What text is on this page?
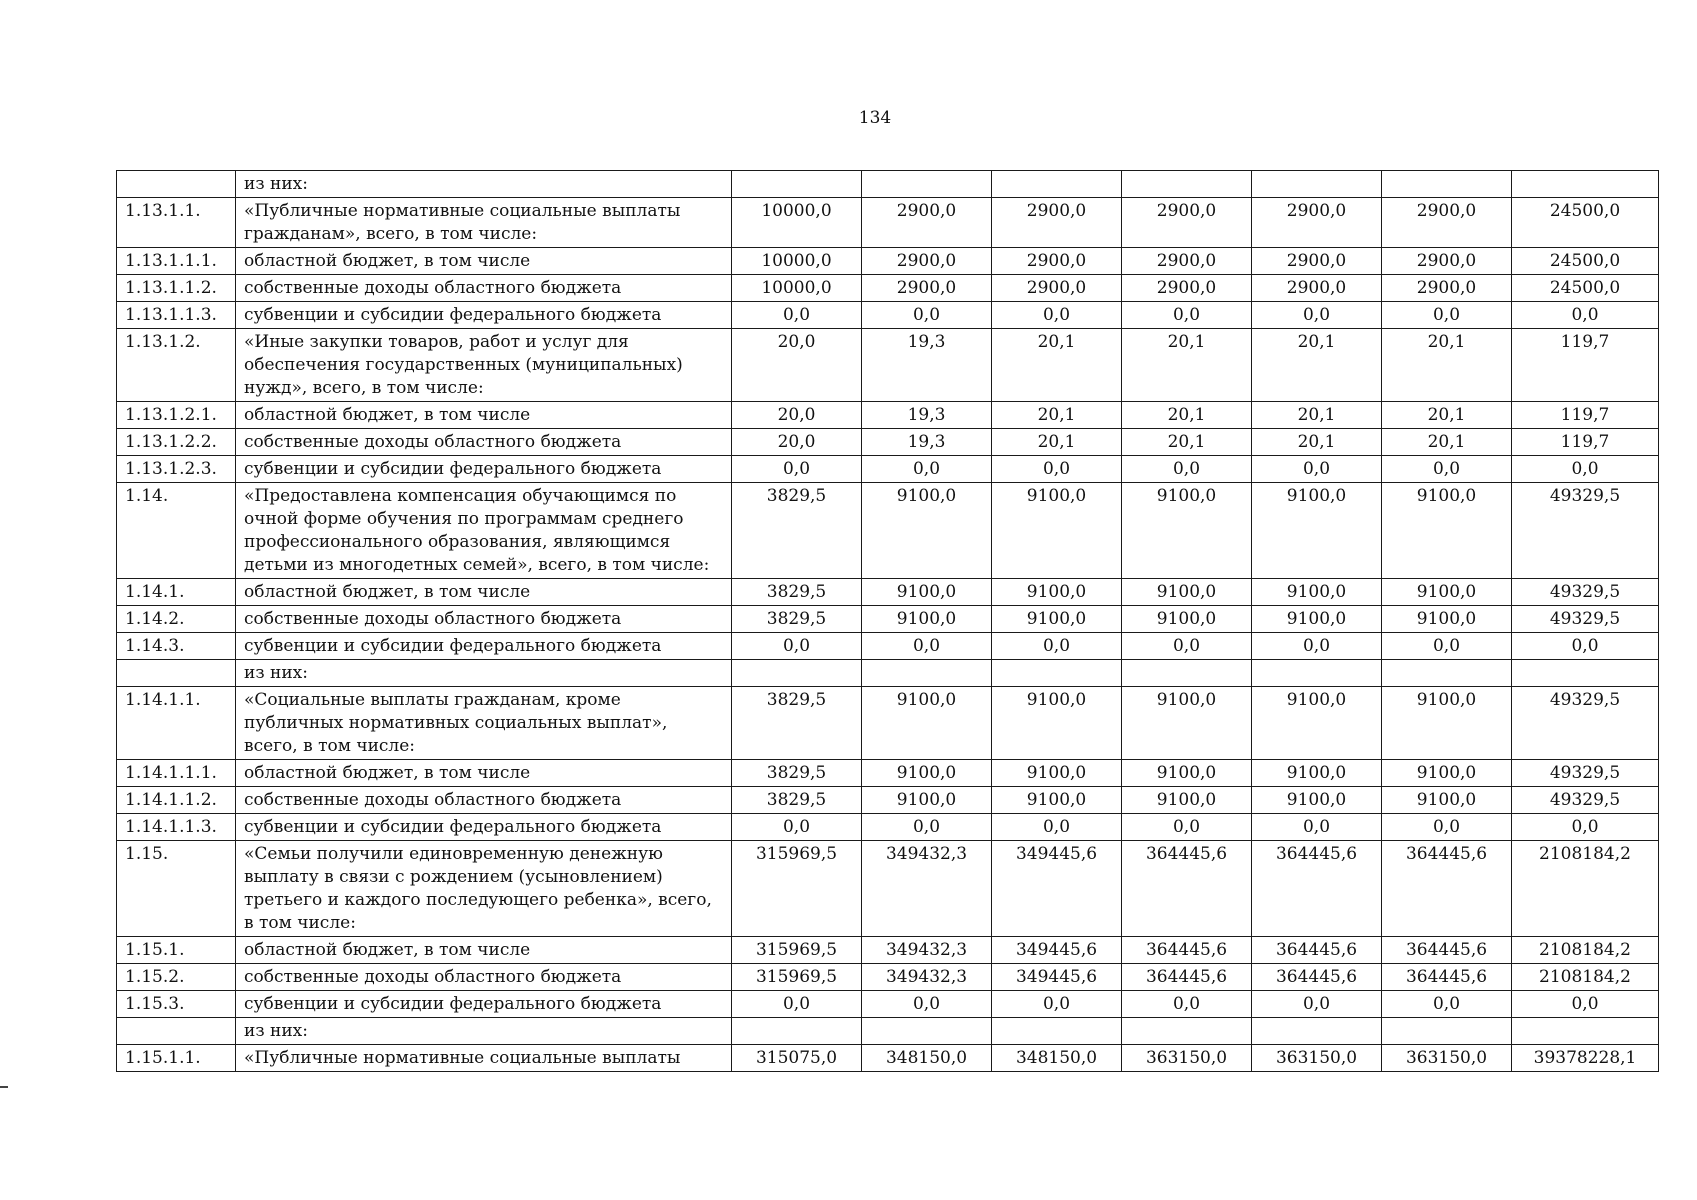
134
	из них:							
1.13.1.1.	«Публичные нормативные социальные выплаты гражданам», всего, в том числе:	10000,0	2900,0	2900,0	2900,0	2900,0	2900,0	24500,0
1.13.1.1.1.	областной бюджет, в том числе	10000,0	2900,0	2900,0	2900,0	2900,0	2900,0	24500,0
1.13.1.1.2.	собственные доходы областного бюджета	10000,0	2900,0	2900,0	2900,0	2900,0	2900,0	24500,0
1.13.1.1.3.	субвенции и субсидии федерального бюджета	0,0	0,0	0,0	0,0	0,0	0,0	0,0
1.13.1.2.	«Иные закупки товаров, работ и услуг для обеспечения государственных (муниципальных) нужд», всего, в том числе:	20,0	19,3	20,1	20,1	20,1	20,1	119,7
1.13.1.2.1.	областной бюджет, в том числе	20,0	19,3	20,1	20,1	20,1	20,1	119,7
1.13.1.2.2.	собственные доходы областного бюджета	20,0	19,3	20,1	20,1	20,1	20,1	119,7
1.13.1.2.3.	субвенции и субсидии федерального бюджета	0,0	0,0	0,0	0,0	0,0	0,0	0,0
1.14.	«Предоставлена компенсация обучающимся по очной форме обучения по программам среднего профессионального образования, являющимся детьми из многодетных семей», всего, в том числе:	3829,5	9100,0	9100,0	9100,0	9100,0	9100,0	49329,5
1.14.1.	областной бюджет, в том числе	3829,5	9100,0	9100,0	9100,0	9100,0	9100,0	49329,5
1.14.2.	собственные доходы областного бюджета	3829,5	9100,0	9100,0	9100,0	9100,0	9100,0	49329,5
1.14.3.	субвенции и субсидии федерального бюджета	0,0	0,0	0,0	0,0	0,0	0,0	0,0
	из них:							
1.14.1.1.	«Социальные выплаты гражданам, кроме публичных нормативных социальных выплат», всего, в том числе:	3829,5	9100,0	9100,0	9100,0	9100,0	9100,0	49329,5
1.14.1.1.1.	областной бюджет, в том числе	3829,5	9100,0	9100,0	9100,0	9100,0	9100,0	49329,5
1.14.1.1.2.	собственные доходы областного бюджета	3829,5	9100,0	9100,0	9100,0	9100,0	9100,0	49329,5
1.14.1.1.3.	субвенции и субсидии федерального бюджета	0,0	0,0	0,0	0,0	0,0	0,0	0,0
1.15.	«Семьи получили единовременную денежную выплату в связи с рождением (усыновлением) третьего и каждого последующего ребенка», всего, в том числе:	315969,5	349432,3	349445,6	364445,6	364445,6	364445,6	2108184,2
1.15.1.	областной бюджет, в том числе	315969,5	349432,3	349445,6	364445,6	364445,6	364445,6	2108184,2
1.15.2.	собственные доходы областного бюджета	315969,5	349432,3	349445,6	364445,6	364445,6	364445,6	2108184,2
1.15.3.	субвенции и субсидии федерального бюджета	0,0	0,0	0,0	0,0	0,0	0,0	0,0
	из них:							
1.15.1.1.	«Публичные нормативные социальные выплаты	315075,0	348150,0	348150,0	363150,0	363150,0	363150,0	39378228,1
